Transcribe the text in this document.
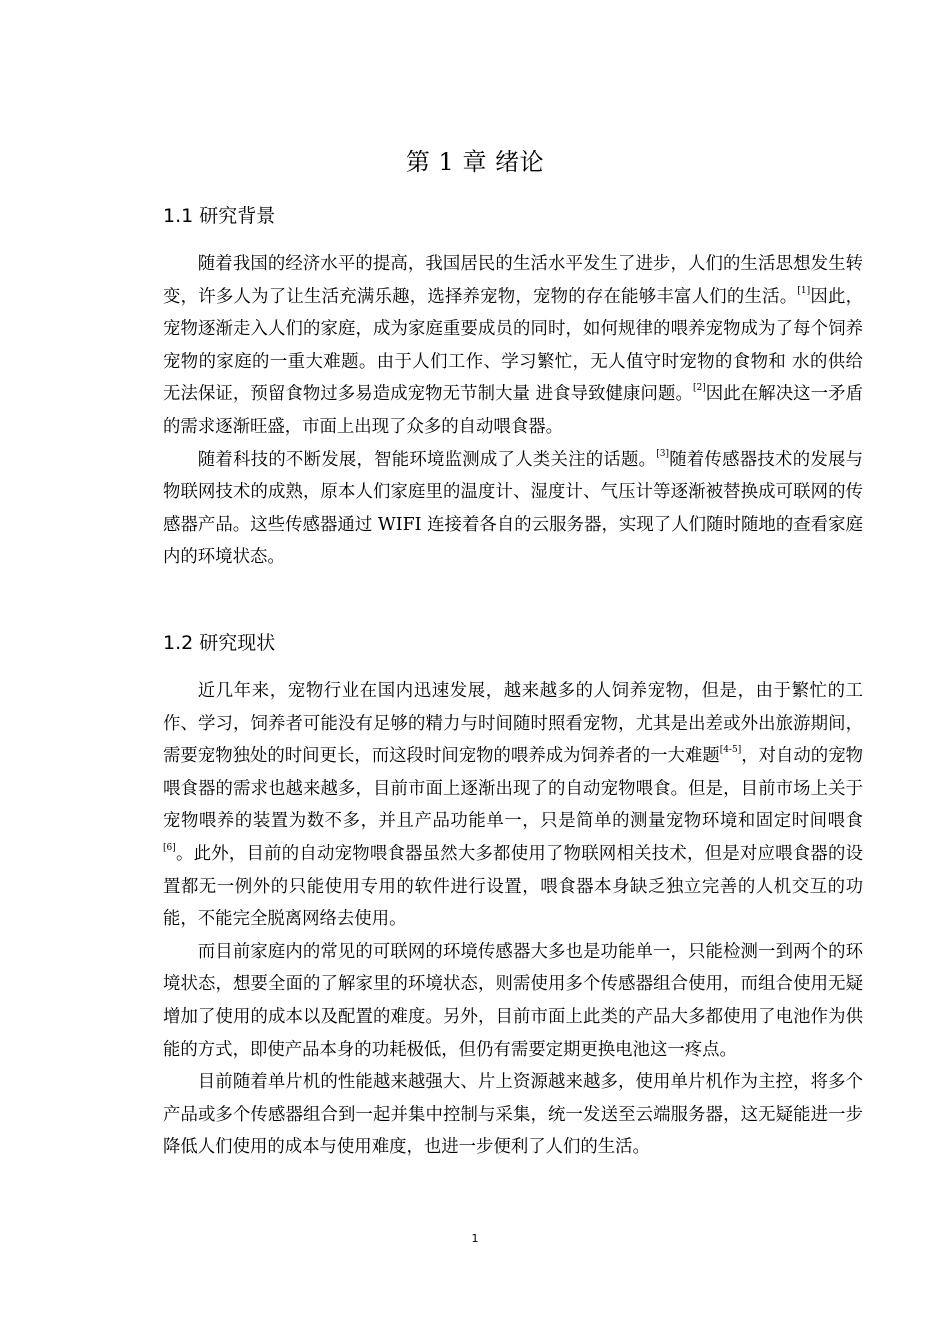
第 1 章 绪论
1.1 研究背景

随着我国的经济水平的提高，我国居民的生活水平发生了进步，人们的生活思想发生转变，许多人为了让生活充满乐趣，选择养宠物，宠物的存在能够丰富人们的生活。[1]因此，宠物逐渐走入人们的家庭，成为家庭重要成员的同时，如何规律的喂养宠物成为了每个饲养宠物的家庭的一重大难题。由于人们工作、学习繁忙，无人值守时宠物的食物和 水的供给无法保证，预留食物过多易造成宠物无节制大量 进食导致健康问题。[2]因此在解决这一矛盾的需求逐渐旺盛，市面上出现了众多的自动喂食器。

随着科技的不断发展，智能环境监测成了人类关注的话题。[3]随着传感器技术的发展与物联网技术的成熟，原本人们家庭里的温度计、湿度计、气压计等逐渐被替换成可联网的传感器产品。这些传感器通过 WIFI 连接着各自的云服务器，实现了人们随时随地的查看家庭内的环境状态。

1.2 研究现状

近几年来，宠物行业在国内迅速发展，越来越多的人饲养宠物，但是，由于繁忙的工作、学习，饲养者可能没有足够的精力与时间随时照看宠物，尤其是出差或外出旅游期间，需要宠物独处的时间更长，而这段时间宠物的喂养成为饲养者的一大难题[4-5]，对自动的宠物喂食器的需求也越来越多，目前市面上逐渐出现了的自动宠物喂食。但是，目前市场上关于宠物喂养的装置为数不多，并且产品功能单一，只是简单的测量宠物环境和固定时间喂食[6]。此外，目前的自动宠物喂食器虽然大多都使用了物联网相关技术，但是对应喂食器的设置都无一例外的只能使用专用的软件进行设置，喂食器本身缺乏独立完善的人机交互的功能，不能完全脱离网络去使用。

而目前家庭内的常见的可联网的环境传感器大多也是功能单一，只能检测一到两个的环境状态，想要全面的了解家里的环境状态，则需使用多个传感器组合使用，而组合使用无疑增加了使用的成本以及配置的难度。另外，目前市面上此类的产品大多都使用了电池作为供能的方式，即使产品本身的功耗极低，但仍有需要定期更换电池这一疼点。

目前随着单片机的性能越来越强大、片上资源越来越多，使用单片机作为主控，将多个产品或多个传感器组合到一起并集中控制与采集，统一发送至云端服务器，这无疑能进一步降低人们使用的成本与使用难度，也进一步便利了人们的生活。

1
